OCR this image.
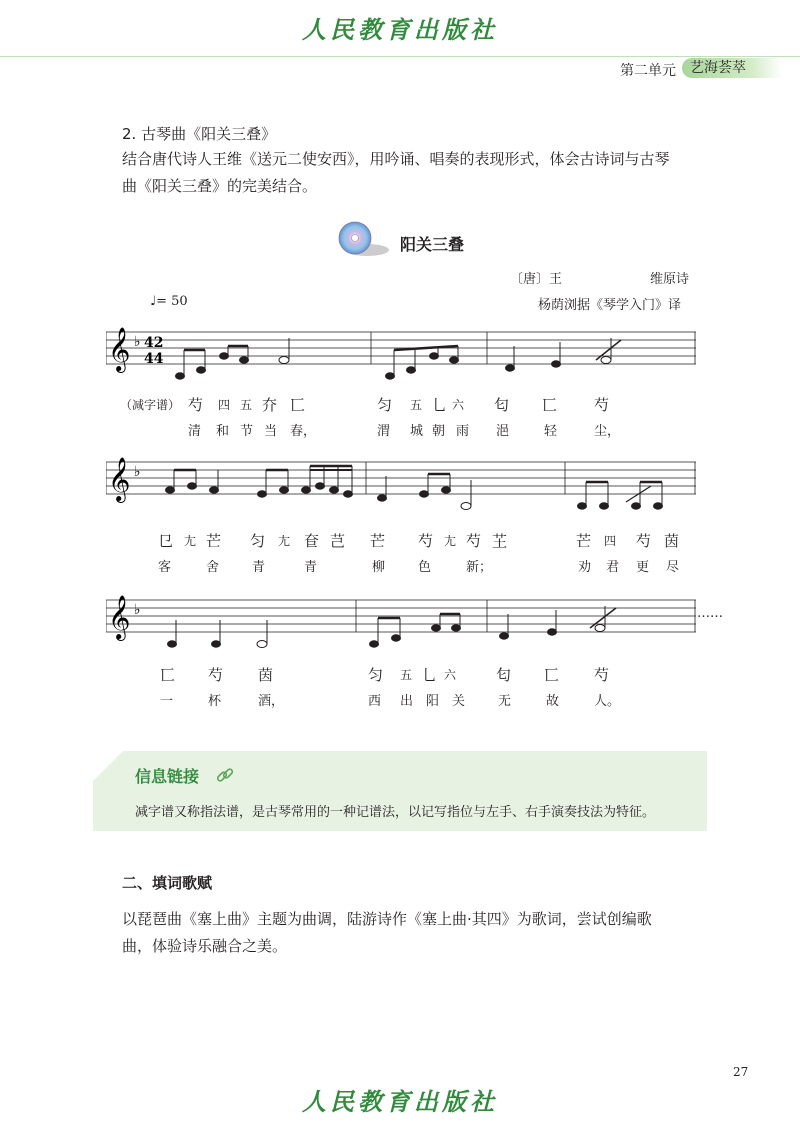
人民教育出版社
第二单元	艺海荟萃
2. 古琴曲《阳关三叠》
结合唐代诗人王维《送元二使安西》，用吟诵、唱奏的表现形式，体会古诗词与古琴
曲《阳关三叠》的完美结合。
阳关三叠
〔唐〕王	维原诗
杨荫浏据《琴学入门》译
♩= 50
𝄞 ♭ 42
44
（减字谱） 芍 四 五 夰 匸	匀 五 乚 六 匂 匸 芍
清 和 节 当 春，	渭 城 朝 雨 浥	轻	尘，
𝄞 ♭
㔾 尢 芒 匀 尢 奆 芑 芒 芍 尢 芍 芏	芒 四 芍 茵
客	舍	青	青	柳	色	新；	劝 君 更 尽
𝄞 ♭	……
匸 芍 茵	匀 五 乚 六	匂 匸 芍
一	杯	酒，	西 出 阳 关	无	故	人。
信息链接
减字谱又称指法谱，是古琴常用的一种记谱法，以记写指位与左手、右手演奏技法为特征。
二、填词歌赋
以琵琶曲《塞上曲》主题为曲调，陆游诗作《塞上曲·其四》为歌词，尝试创编歌
曲，体验诗乐融合之美。
27
人民教育出版社
